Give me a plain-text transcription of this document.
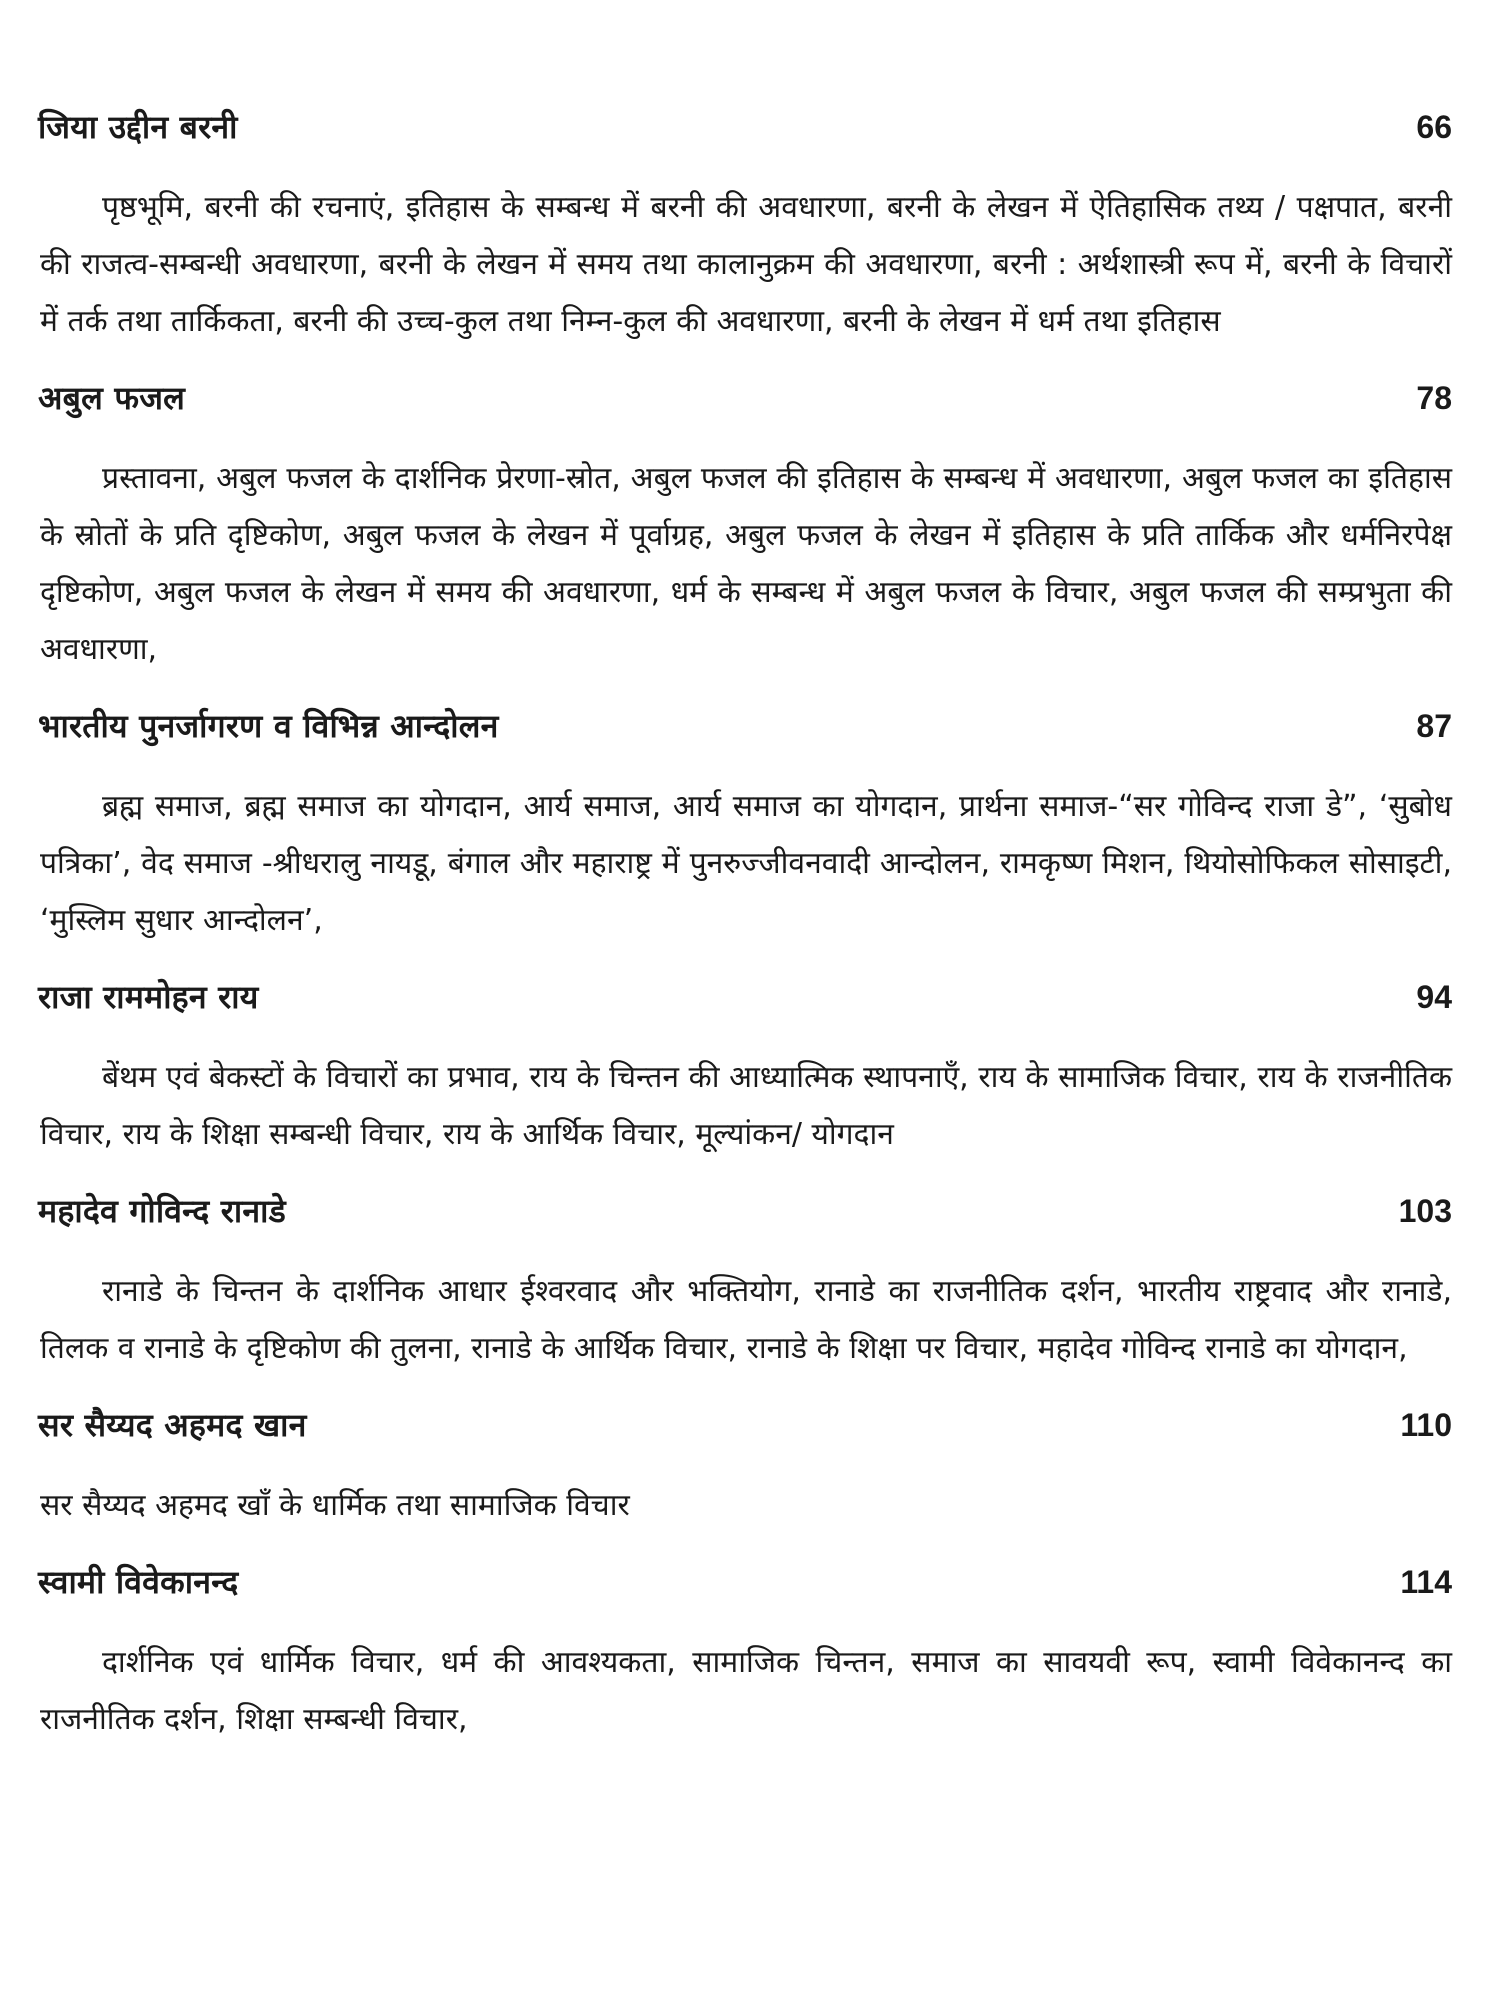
जिया उद्दीन बरनी	66

पृष्ठभूमि, बरनी की रचनाएं, इतिहास के सम्बन्ध में बरनी की अवधारणा, बरनी के लेखन में ऐतिहासिक तथ्य / पक्षपात, बरनी की राजत्व-सम्बन्धी अवधारणा, बरनी के लेखन में समय तथा कालानुक्रम की अवधारणा, बरनी : अर्थशास्त्री रूप में, बरनी के विचारों में तर्क तथा तार्किकता, बरनी की उच्च-कुल तथा निम्न-कुल की अवधारणा, बरनी के लेखन में धर्म तथा इतिहास

अबुल फजल	78

प्रस्तावना, अबुल फजल के दार्शनिक प्रेरणा-स्रोत, अबुल फजल की इतिहास के सम्बन्ध में अवधारणा, अबुल फजल का इतिहास के स्रोतों के प्रति दृष्टिकोण, अबुल फजल के लेखन में पूर्वाग्रह, अबुल फजल के लेखन में इतिहास के प्रति तार्किक और धर्मनिरपेक्ष दृष्टिकोण, अबुल फजल के लेखन में समय की अवधारणा, धर्म के सम्बन्ध में अबुल फजल के विचार, अबुल फजल की सम्प्रभुता की अवधारणा,

भारतीय पुनर्जागरण व विभिन्न आन्दोलन	87

ब्रह्म समाज, ब्रह्म समाज का योगदान, आर्य समाज, आर्य समाज का योगदान, प्रार्थना समाज-“सर गोविन्द राजा डे”, ‘सुबोध पत्रिका’, वेद समाज -श्रीधरालु नायडू, बंगाल और महाराष्ट्र में पुनरुज्जीवनवादी आन्दोलन, रामकृष्ण मिशन, थियोसोफिकल सोसाइटी, ‘मुस्लिम सुधार आन्दोलन’,

राजा राममोहन राय	94

बेंथम एवं बेकस्टों के विचारों का प्रभाव, राय के चिन्तन की आध्यात्मिक स्थापनाएँ, राय के सामाजिक विचार, राय के राजनीतिक विचार, राय के शिक्षा सम्बन्धी विचार, राय के आर्थिक विचार, मूल्यांकन/ योगदान

महादेव गोविन्द रानाडे	103

रानाडे के चिन्तन के दार्शनिक आधार ईश्वरवाद और भक्तियोग, रानाडे का राजनीतिक दर्शन, भारतीय राष्ट्रवाद और रानाडे, तिलक व रानाडे के दृष्टिकोण की तुलना, रानाडे के आर्थिक विचार, रानाडे के शिक्षा पर विचार, महादेव गोविन्द रानाडे का योगदान,

सर सैय्यद अहमद खान	110

सर सैय्यद अहमद खाँ के धार्मिक तथा सामाजिक विचार

स्वामी विवेकानन्द	114

दार्शनिक एवं धार्मिक विचार, धर्म की आवश्यकता, सामाजिक चिन्तन, समाज का सावयवी रूप, स्वामी विवेकानन्द का राजनीतिक दर्शन, शिक्षा सम्बन्धी विचार,
